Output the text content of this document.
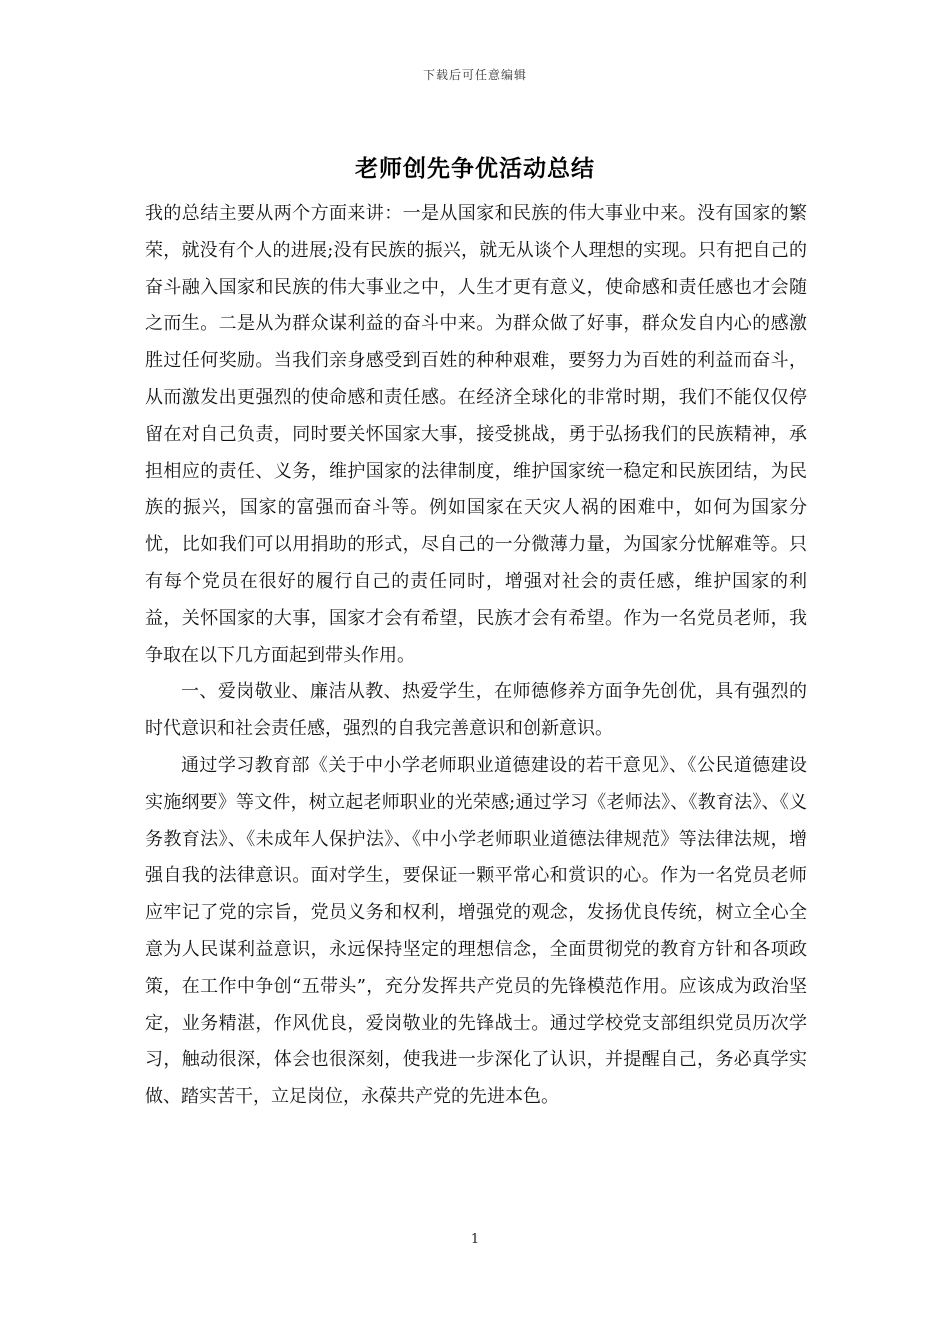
下载后可任意编辑
老师创先争优活动总结

我的总结主要从两个方面来讲：一是从国家和民族的伟大事业中来。没有国家的繁荣，就没有个人的进展;没有民族的振兴，就无从谈个人理想的实现。只有把自己的奋斗融入国家和民族的伟大事业之中，人生才更有意义，使命感和责任感也才会随之而生。二是从为群众谋利益的奋斗中来。为群众做了好事，群众发自内心的感激胜过任何奖励。当我们亲身感受到百姓的种种艰难，要努力为百姓的利益而奋斗，从而激发出更强烈的使命感和责任感。在经济全球化的非常时期，我们不能仅仅停留在对自己负责，同时要关怀国家大事，接受挑战，勇于弘扬我们的民族精神，承担相应的责任、义务，维护国家的法律制度，维护国家统一稳定和民族团结，为民族的振兴，国家的富强而奋斗等。例如国家在天灾人祸的困难中，如何为国家分忧，比如我们可以用捐助的形式，尽自己的一分微薄力量，为国家分忧解难等。只有每个党员在很好的履行自己的责任同时，增强对社会的责任感，维护国家的利益，关怀国家的大事，国家才会有希望，民族才会有希望。作为一名党员老师，我争取在以下几方面起到带头作用。

一、爱岗敬业、廉洁从教、热爱学生，在师德修养方面争先创优，具有强烈的时代意识和社会责任感，强烈的自我完善意识和创新意识。

通过学习教育部《关于中小学老师职业道德建设的若干意见》、《公民道德建设实施纲要》等文件，树立起老师职业的光荣感;通过学习《老师法》、《教育法》、《义务教育法》、《未成年人保护法》、《中小学老师职业道德法律规范》等法律法规，增强自我的法律意识。面对学生，要保证一颗平常心和赏识的心。作为一名党员老师应牢记了党的宗旨，党员义务和权利，增强党的观念，发扬优良传统，树立全心全意为人民谋利益意识，永远保持坚定的理想信念，全面贯彻党的教育方针和各项政策，在工作中争创“五带头”，充分发挥共产党员的先锋模范作用。应该成为政治坚定，业务精湛，作风优良，爱岗敬业的先锋战士。通过学校党支部组织党员历次学习，触动很深，体会也很深刻，使我进一步深化了认识，并提醒自己，务必真学实做、踏实苦干，立足岗位，永葆共产党的先进本色。

1
